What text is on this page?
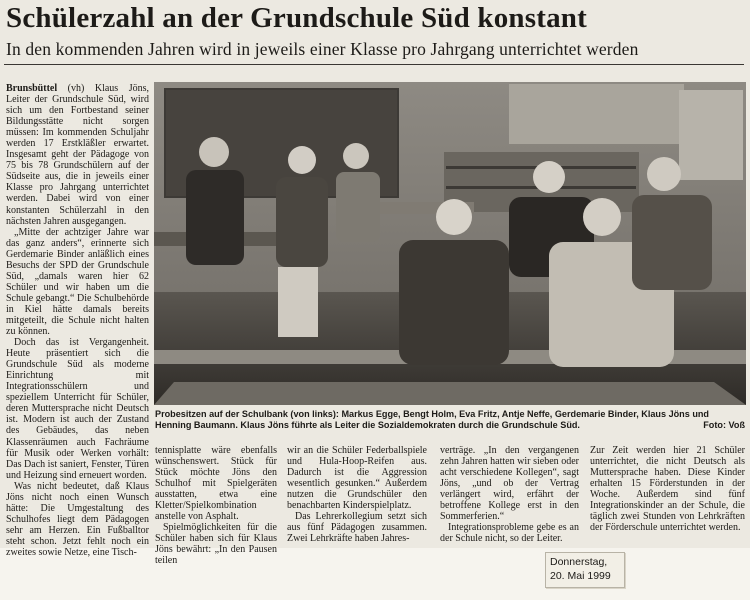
Schülerzahl an der Grundschule Süd konstant
In den kommenden Jahren wird in jeweils einer Klasse pro Jahrgang unterrichtet werden

Brunsbüttel (vh) Klaus Jöns, Leiter der Grundschule Süd, wird sich um den Fortbestand seiner Bildungsstätte nicht sorgen müssen: Im kommenden Schuljahr werden 17 Erstkläßler erwartet. Insgesamt geht der Pädagoge von 75 bis 78 Grundschülern auf der Südseite aus, die in jeweils einer Klasse pro Jahrgang unterrichtet werden. Dabei wird von einer konstanten Schülerzahl in den nächsten Jahren ausgegangen.

„Mitte der achtziger Jahre war das ganz anders“, erinnerte sich Gerdemarie Binder anläßlich eines Besuchs der SPD der Grundschule Süd, „damals waren hier 62 Schüler und wir haben um die Schule gebangt.“ Die Schulbehörde in Kiel hätte damals bereits mitgeteilt, die Schule nicht halten zu können.

Doch das ist Vergangenheit. Heute präsentiert sich die Grundschule Süd als moderne Einrichtung mit Integrationsschülern und speziellem Unterricht für Schüler, deren Muttersprache nicht Deutsch ist. Modern ist auch der Zustand des Gebäudes, das neben Klassenräumen auch Fachräume für Musik oder Werken vorhält: Das Dach ist saniert, Fenster, Türen und Heizung sind erneuert worden.

Was nicht bedeutet, daß Klaus Jöns nicht noch einen Wunsch hätte: Die Umgestaltung des Schulhofes liegt dem Pädagogen sehr am Herzen. Ein Fußballtor steht schon. Jetzt fehlt noch ein zweites sowie Netze, eine Tisch-

Probesitzen auf der Schulbank (von links): Markus Egge, Bengt Holm, Eva Fritz, Antje Neffe, Gerdemarie Binder, Klaus Jöns und Henning Baumann. Klaus Jöns führte als Leiter die Sozialdemokraten durch die Grundschule Süd.	Foto: Voß

tennisplatte wäre ebenfalls wünschenswert. Stück für Stück möchte Jöns den Schulhof mit Spielgeräten ausstatten, etwa eine Kletter/Spielkombination anstelle von Asphalt.

Spielmöglichkeiten für die Schüler haben sich für Klaus Jöns bewährt: „In den Pausen teilen

wir an die Schüler Federballspiele und Hula-Hoop-Reifen aus. Dadurch ist die Aggression wesentlich gesunken.“ Außerdem nutzen die Grundschüler den benachbarten Kinderspielplatz.

Das Lehrerkollegium setzt sich aus fünf Pädagogen zusammen. Zwei Lehrkräfte haben Jahres-

verträge. „In den vergangenen zehn Jahren hatten wir sieben oder acht verschiedene Kollegen“, sagt Jöns, „und ob der Vertrag verlängert wird, erfährt der betroffene Kollege erst in den Sommerferien.“

Integrationsprobleme gebe es an der Schule nicht, so der Leiter.

Zur Zeit werden hier 21 Schüler unterrichtet, die nicht Deutsch als Muttersprache haben. Diese Kinder erhalten 15 Förderstunden in der Woche. Außerdem sind fünf Integrationskinder an der Schule, die täglich zwei Stunden von Lehrkräften der Förderschule unterrichtet werden.

Donnerstag,
20. Mai 1999
